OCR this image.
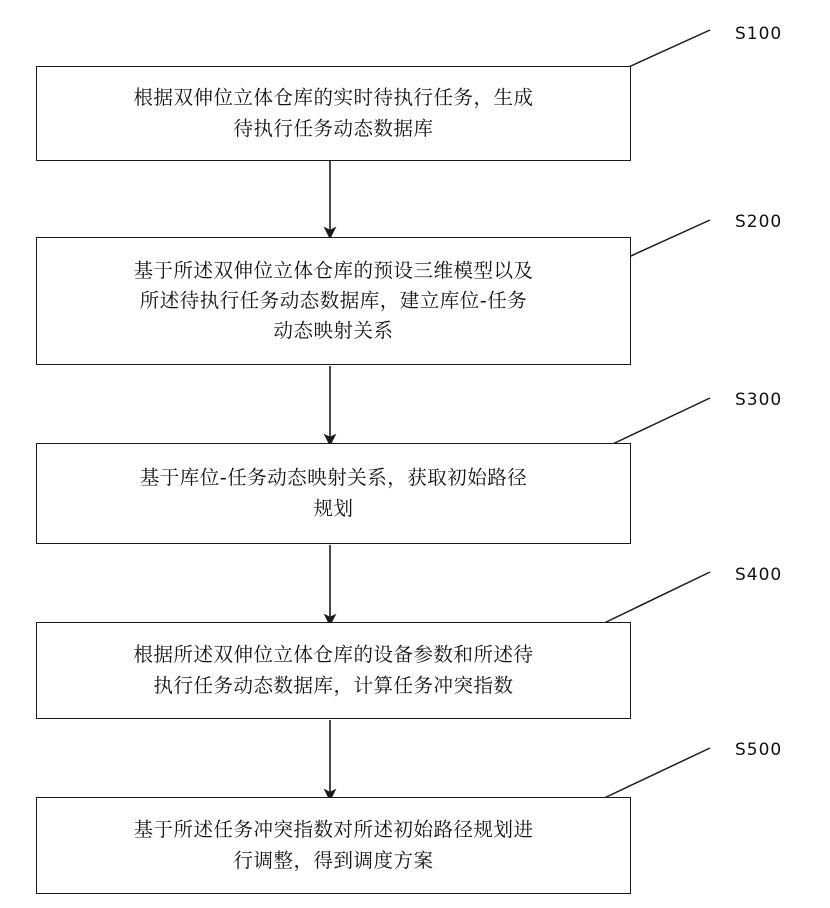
根据双伸位立体仓库的实时待执行任务，生成
待执行任务动态数据库
S100
基于所述双伸位立体仓库的预设三维模型以及
所述待执行任务动态数据库，建立库位-任务
动态映射关系
S200
基于库位-任务动态映射关系，获取初始路径
规划
S300
根据所述双伸位立体仓库的设备参数和所述待
执行任务动态数据库，计算任务冲突指数
S400
基于所述任务冲突指数对所述初始路径规划进
行调整，得到调度方案
S500
